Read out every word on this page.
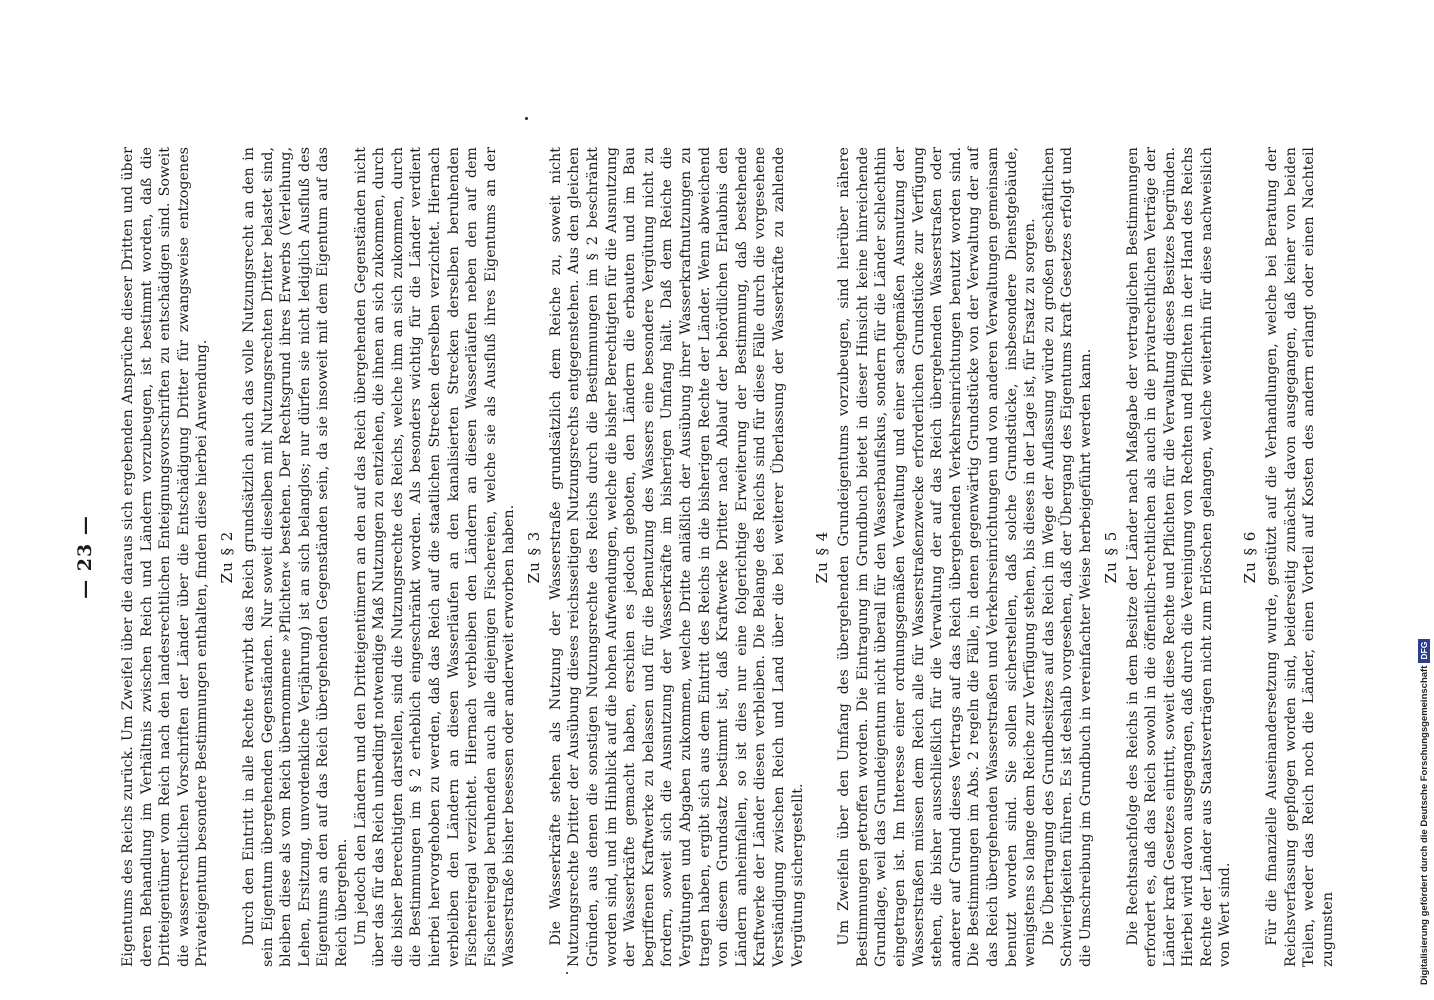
— 23 —	Eigentums des Reichs zurück. Um Zweifel über die daraus sich ergebenden Ansprüche dieser Dritten und über deren Behandlung im Verhältnis zwischen Reich und Ländern vorzubeugen, ist bestimmt worden, daß die Dritteigentümer vom Reich nach den landesrechtlichen Enteignungsvorschriften zu entschädigen sind. Soweit die wasserrechtlichen Vorschriften der Länder über die Entschädigung Dritter für zwangsweise entzogenes Privateigentum besondere Bestimmungen enthalten, finden diese hierbei Anwendung. Zu § 2 Durch den Eintritt in alle Rechte erwirbt das Reich grundsätzlich auch das volle Nutzungsrecht an den in sein Eigentum übergehenden Gegenständen. Nur soweit dieselben mit Nutzungsrechten Dritter belastet sind, bleiben diese als vom Reich übernommene »Pflichten« bestehen. Der Rechtsgrund ihres Erwerbs (Verleihung, Lehen, Ersitzung, unvordenkliche Verjährung) ist an sich belanglos; nur dürfen sie nicht lediglich Ausfluß des Eigentums an den auf das Reich übergehenden Gegenständen sein, da sie insoweit mit dem Eigentum auf das Reich übergehen. Um jedoch den Ländern und den Dritteigentümern an den auf das Reich übergehenden Gegenständen nicht über das für das Reich unbedingt notwendige Maß Nutzungen zu entziehen, die ihnen an sich zukommen, durch die bisher Berechtigten darstellen, sind die Nutzungsrechte des Reichs, welche ihm an sich zukommen, durch die Bestimmungen im § 2 erheblich eingeschränkt worden. Als besonders wichtig für die Länder verdient hierbei hervorgehoben zu werden, daß das Reich auf die staatlichen Strecken derselben verzichtet. Hiernach verbleiben den Ländern an diesen Wasserläufen an den kanalisierten Strecken derselben beruhenden Fischereiregal verzichtet. Hiernach verbleiben den Ländern an diesen Wasserläufen neben den auf dem Fischereiregal beruhenden auch alle diejenigen Fischereien, welche sie als Ausfluß ihres Eigentums an der Wasserstraße bisher besessen oder anderweit erworben haben. Zu § 3 Die Wasserkräfte stehen als Nutzung der Wasserstraße grundsätzlich dem Reiche zu, soweit nicht Nutzungsrechte Dritter der Ausübung dieses reichsseitigen Nutzungsrechts entgegenstehen. Aus den gleichen Gründen, aus denen die sonstigen Nutzungsrechte des Reichs durch die Bestimmungen im § 2 beschränkt worden sind, und im Hinblick auf die hohen Aufwendungen, welche die bisher Berechtigten für die Ausnutzung der Wasserkräfte gemacht haben, erschien es jedoch geboten, den Ländern die erbauten und im Bau begriffenen Kraftwerke zu belassen und für die Benutzung des Wassers eine besondere Vergütung nicht zu fordern, soweit sich die Ausnutzung der Wasserkräfte im bisherigen Umfang hält. Daß dem Reiche die Vergütungen und Abgaben zukommen, welche Dritte anläßlich der Ausübung ihrer Wasserkraftnutzungen zu tragen haben, ergibt sich aus dem Eintritt des Reichs in die bisherigen Rechte der Länder. Wenn abweichend von diesem Grundsatz bestimmt ist, daß Kraftwerke Dritter nach Ablauf der behördlichen Erlaubnis den Ländern anheimfallen, so ist dies nur eine folgerichtige Erweiterung der Bestimmung, daß bestehende Kraftwerke der Länder diesen verbleiben. Die Belange des Reichs sind für diese Fälle durch die vorgesehene Verständigung zwischen Reich und Land über die bei weiterer Überlassung der Wasserkräfte zu zahlende Vergütung sichergestellt.

Zu § 4 Um Zweifeln über den Umfang des übergehenden Grundeigentums vorzubeugen, sind hierüber nähere Bestimmungen getroffen worden. Die Eintragung im Grundbuch bietet in dieser Hinsicht keine hinreichende Grundlage, weil das Grundeigentum nicht überall für den Wasserbaufiskus, sondern für die Länder schlechthin eingetragen ist. Im Interesse einer ordnungsgemäßen Verwaltung und einer sachgemäßen Ausnutzung der Wasserstraßen müssen dem Reich alle für Wasserstraßenzwecke erforderlichen Grundstücke zur Verfügung stehen, die bisher ausschließlich für die Verwaltung der auf das Reich übergehenden Wasserstraßen oder anderer auf Grund dieses Vertrags auf das Reich übergehenden Verkehrseinrichtungen benutzt worden sind. Die Bestimmungen im Abs. 2 regeln die Fälle, in denen gegenwärtig Grundstücke von der Verwaltung der auf das Reich übergehenden Wasserstraßen und Verkehrseinrichtungen und von anderen Verwaltungen gemeinsam benutzt worden sind. Sie sollen sicherstellen, daß solche Grundstücke, insbesondere Dienstgebäude, wenigstens so lange dem Reiche zur Verfügung stehen, bis dieses in der Lage ist, für Ersatz zu sorgen. Die Übertragung des Grundbesitzes auf das Reich im Wege der Auflassung würde zu großen geschäftlichen Schwierigkeiten führen. Es ist deshalb vorgesehen, daß der Übergang des Eigentums kraft Gesetzes erfolgt und die Umschreibung im Grundbuch in vereinfachter Weise herbeigeführt werden kann. Zu § 5 Die Rechtsnachfolge des Reichs in dem Besitze der Länder nach Maßgabe der vertraglichen Bestimmungen erfordert es, daß das Reich sowohl in die öffentlich-rechtlichen als auch in die privatrechtlichen Verträge der Länder kraft Gesetzes eintritt, soweit diese Rechte und Pflichten für die Verwaltung dieses Besitzes begründen. Hierbei wird davon ausgegangen, daß durch die Vereinigung von Rechten und Pflichten in der Hand des Reichs Rechte der Länder aus Staatsverträgen nicht zum Erlöschen gelangen, welche weiterhin für diese nachweislich von Wert sind.

Zu § 6 Für die finanzielle Auseinandersetzung wurde, gestützt auf die Verhandlungen, welche bei Beratung der Reichsverfassung gepflogen worden sind, beiderseitig zunächst davon ausgegangen, daß keiner von beiden Teilen, weder das Reich noch die Länder, einen Vorteil auf Kosten des andern erlangt oder einen Nachteil zugunsten	Digitalisierung gefördert durch die Deutsche Forschungsgemeinschaft
DFG
